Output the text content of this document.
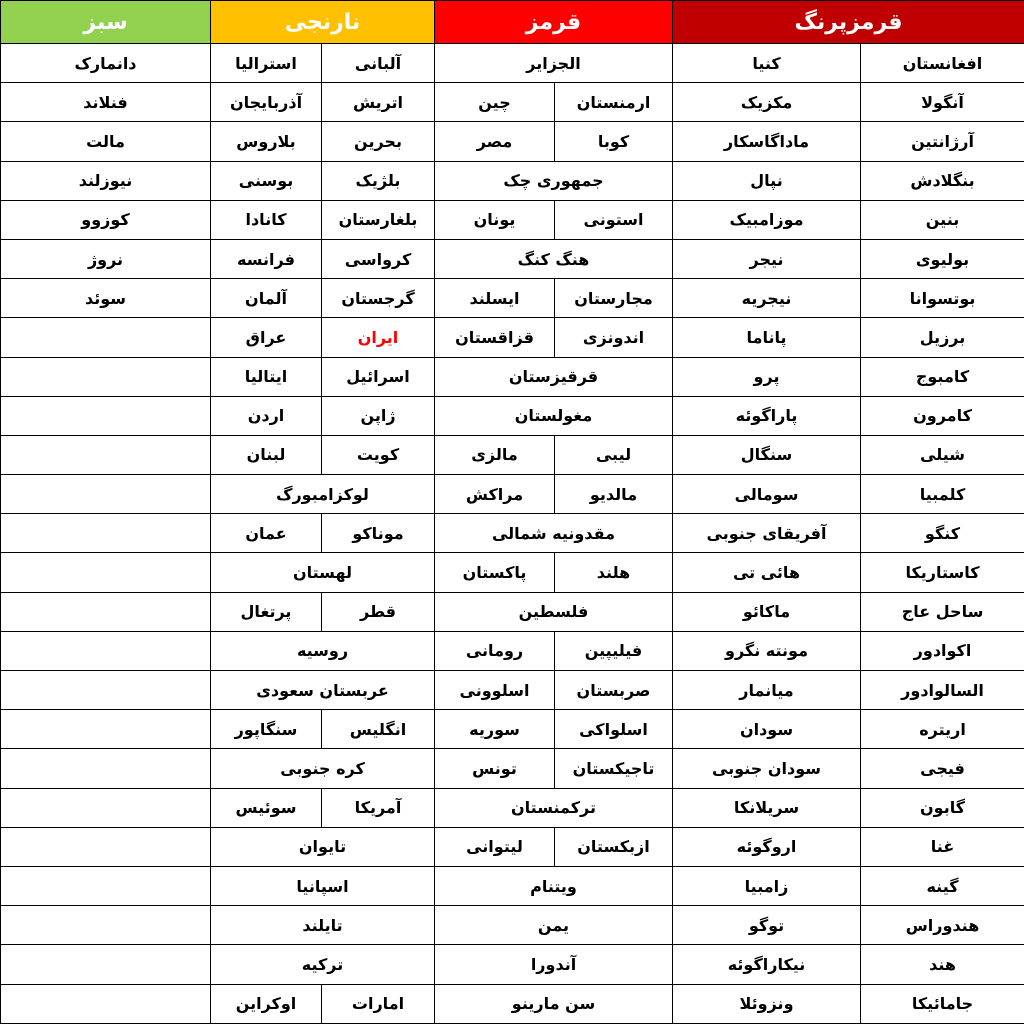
قرمزپرنگ		قرمز		نارنجی		سبز
افغانستان	کنیا	الجزایر		آلبانی	استرالیا	دانمارک
آنگولا	مکزیک	ارمنستان	چین	اتریش	آذربایجان	فنلاند
آرژانتین	ماداگاسکار	کوبا	مصر	بحرین	بلاروس	مالت
بنگلادش	نپال	جمهوری چک		بلژیک	بوسنی	نیوزلند
بنین	موزامبیک	استونی	یونان	بلغارستان	کانادا	کوزوو
بولیوی	نیجر	هنگ کنگ		کرواسی	فرانسه	نروژ
بوتسوانا	نیجریه	مجارستان	ایسلند	گرجستان	آلمان	سوئد
برزیل	پاناما	اندونزی	قزاقستان	ایران	عراق	
کامبوج	پرو	قرقیزستان		اسرائیل	ایتالیا	
کامرون	پاراگوئه	مغولستان		ژاپن	اردن	
شیلی	سنگال	لیبی	مالزی	کویت	لبنان	
کلمبیا	سومالی	مالدیو	مراکش	لوکزامبورگ		
کنگو	آفریقای جنوبی	مقدونیه شمالی		موناکو	عمان	
کاستاریکا	هائی تی	هلند	پاکستان	لهستان		
ساحل عاج	ماکائو	فلسطین		قطر	پرتغال	
اکوادور	مونته نگرو	فیلیپین	رومانی	روسیه		
السالوادور	میانمار	صربستان	اسلوونی	عربستان سعودی		
اریتره	سودان	اسلواکی	سوریه	انگلیس	سنگاپور	
فیجی	سودان جنوبی	تاجیکستان	تونس	کره جنوبی		
گابون	سریلانکا	ترکمنستان		آمریکا	سوئیس	
غنا	اروگوئه	ازبکستان	لیتوانی	تایوان		
گینه	زامبیا	ویتنام		اسپانیا		
هندوراس	توگو	یمن		تایلند		
هند	نیکاراگوئه	آندورا		ترکیه		
جامائیکا	ونزوئلا	سن مارینو		امارات	اوکراین	
